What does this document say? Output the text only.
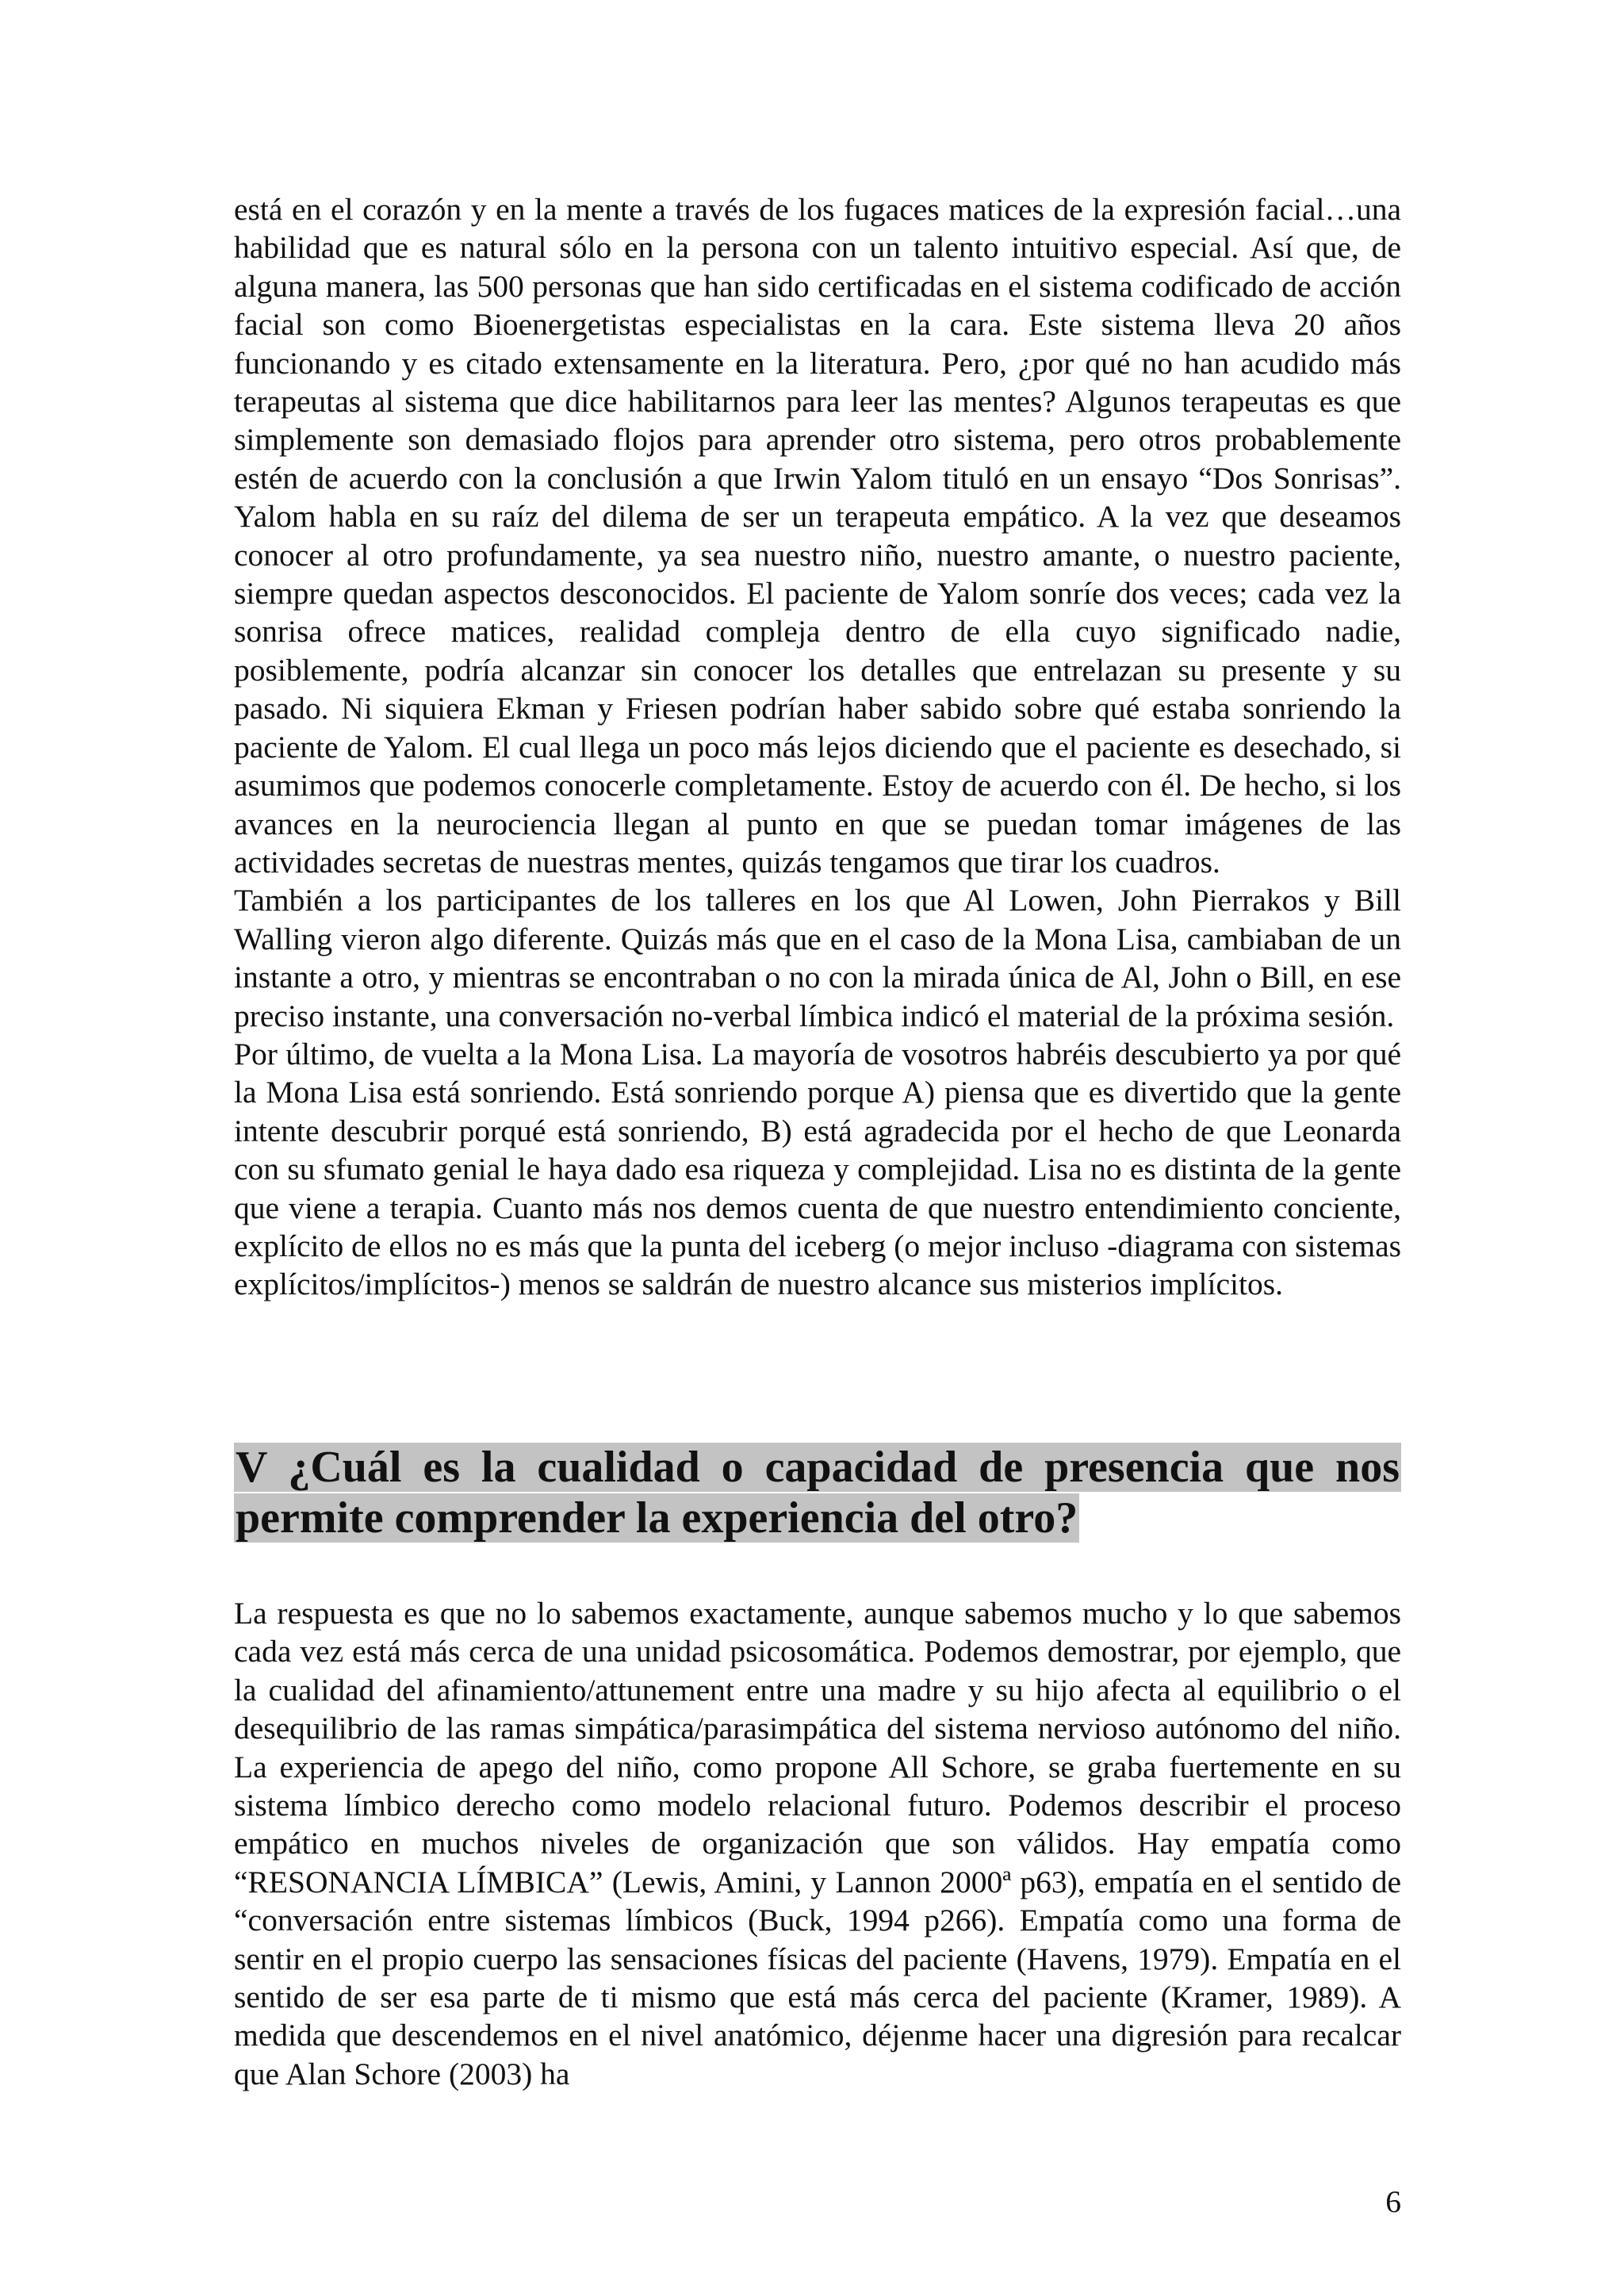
está en el corazón y en la mente a través de los fugaces matices de la expresión facial…una habilidad que es natural sólo en la persona con un talento intuitivo especial. Así que, de alguna manera, las 500 personas que han sido certificadas en el sistema codificado de acción facial son como Bioenergetistas especialistas en la cara. Este sistema lleva 20 años funcionando y es citado extensamente en la literatura. Pero, ¿por qué no han acudido más terapeutas al sistema que dice habilitarnos para leer las mentes? Algunos terapeutas es que simplemente son demasiado flojos para aprender otro sistema, pero otros probablemente estén de acuerdo con la conclusión a que Irwin Yalom tituló en un ensayo “Dos Sonrisas”. Yalom habla en su raíz del dilema de ser un terapeuta empático. A la vez que deseamos conocer al otro profundamente, ya sea nuestro niño, nuestro amante, o nuestro paciente, siempre quedan aspectos desconocidos. El paciente de Yalom sonríe dos veces; cada vez la sonrisa ofrece matices, realidad compleja dentro de ella cuyo significado nadie, posiblemente, podría alcanzar sin conocer los detalles que entrelazan su presente y su pasado. Ni siquiera Ekman y Friesen podrían haber sabido sobre qué estaba sonriendo la paciente de Yalom. El cual llega un poco más lejos diciendo que el paciente es desechado, si asumimos que podemos conocerle completamente. Estoy de acuerdo con él. De hecho, si los avances en la neurociencia llegan al punto en que se puedan tomar imágenes de las actividades secretas de nuestras mentes, quizás tengamos que tirar los cuadros.

También a los participantes de los talleres en los que Al Lowen, John Pierrakos y Bill Walling vieron algo diferente. Quizás más que en el caso de la Mona Lisa, cambiaban de un instante a otro, y mientras se encontraban o no con la mirada única de Al, John o Bill, en ese preciso instante, una conversación no-verbal límbica indicó el material de la próxima sesión.

Por último, de vuelta a la Mona Lisa. La mayoría de vosotros habréis descubierto ya por qué la Mona Lisa está sonriendo. Está sonriendo porque A) piensa que es divertido que la gente intente descubrir porqué está sonriendo, B) está agradecida por el hecho de que Leonarda con su sfumato genial le haya dado esa riqueza y complejidad. Lisa no es distinta de la gente que viene a terapia. Cuanto más nos demos cuenta de que nuestro entendimiento conciente, explícito de ellos no es más que la punta del iceberg (o mejor incluso -diagrama con sistemas explícitos/implícitos-) menos se saldrán de nuestro alcance sus misterios implícitos.

V ¿Cuál es la cualidad o capacidad de presencia que nos permite comprender la experiencia del otro?

La respuesta es que no lo sabemos exactamente, aunque sabemos mucho y lo que sabemos cada vez está más cerca de una unidad psicosomática. Podemos demostrar, por ejemplo, que la cualidad del afinamiento/attunement entre una madre y su hijo afecta al equilibrio o el desequilibrio de las ramas simpática/parasimpática del sistema nervioso autónomo del niño. La experiencia de apego del niño, como propone All Schore, se graba fuertemente en su sistema límbico derecho como modelo relacional futuro. Podemos describir el proceso empático en muchos niveles de organización que son válidos. Hay empatía como “RESONANCIA LÍMBICA” (Lewis, Amini, y Lannon 2000ª p63), empatía en el sentido de “conversación entre sistemas límbicos (Buck, 1994 p266). Empatía como una forma de sentir en el propio cuerpo las sensaciones físicas del paciente (Havens, 1979). Empatía en el sentido de ser esa parte de ti mismo que está más cerca del paciente (Kramer, 1989). A medida que descendemos en el nivel anatómico, déjenme hacer una digresión para recalcar que Alan Schore (2003) ha

6
